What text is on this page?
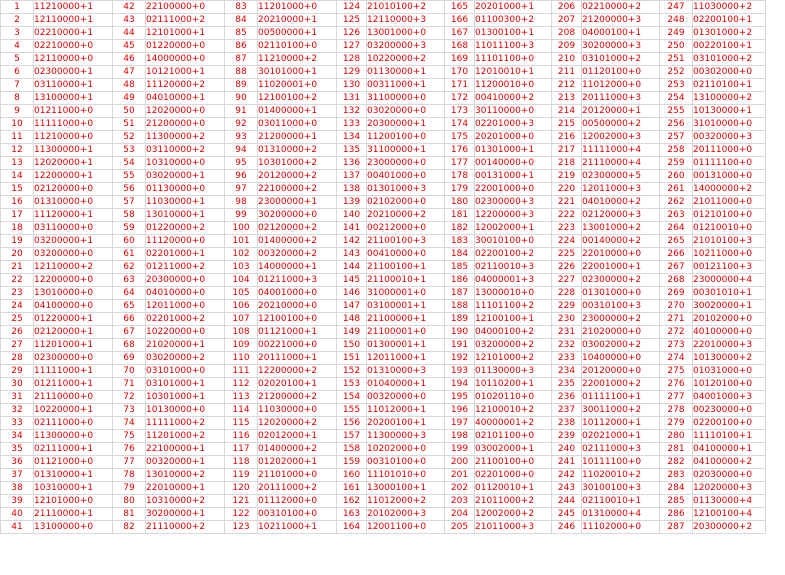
1	11210000+1	42	22100000+0	83	11201000+0	124	21010100+2	165	20201000+1	206	02210000+2	247	11030000+2
2	12110000+1	43	02111000+2	84	20210000+1	125	12110000+3	166	01100300+2	207	21200000+3	248	02200100+1
3	02210000+1	44	12101000+1	85	00500000+1	126	13001000+0	167	01300100+1	208	04000100+1	249	01301000+2
4	02210000+0	45	01220000+0	86	02110100+0	127	03200000+3	168	11011100+3	209	30200000+3	250	00220100+1
5	12110000+0	46	14000000+0	87	11210000+2	128	10220000+2	169	11101100+0	210	03101000+2	251	03101000+2
6	02300000+1	47	10121000+1	88	30101000+1	129	01130000+1	170	12010010+1	211	01120100+0	252	00302000+0
7	03110000+1	48	11120000+2	89	11020001+0	130	00311000+1	171	11200010+0	212	11012000+0	253	02110100+1
8	13100000+1	49	04010000+1	90	12100100+2	131	31100000+0	172	00410000+2	213	20111000+3	254	13100000+2
9	01211000+0	50	12020000+0	91	01400000+1	132	03020000+0	173	30110000+0	214	20120000+1	255	10130000+1
10	11111000+0	51	21200000+0	92	03011000+0	133	20300000+1	174	02201000+3	215	00500000+2	256	31010000+0
11	11210000+0	52	11300000+2	93	21200000+1	134	11200100+0	175	20201000+0	216	12002000+3	257	00320000+3
12	11300000+1	53	03110000+2	94	01310000+2	135	31100000+1	176	01301000+1	217	11111000+4	258	20111000+0
13	12020000+1	54	10310000+0	95	10301000+2	136	23000000+0	177	00140000+0	218	21110000+4	259	01111100+0
14	12200000+1	55	03020000+1	96	20120000+2	137	00401000+0	178	00131000+1	219	02300000+5	260	00131000+0
15	02120000+0	56	01130000+0	97	22100000+2	138	01301000+3	179	22001000+0	220	12011000+3	261	14000000+2
16	01310000+0	57	11030000+1	98	23000000+1	139	02102000+0	180	02300000+3	221	04010000+2	262	21011000+0
17	11120000+1	58	13010000+1	99	30200000+0	140	20210000+2	181	12200000+3	222	02120000+3	263	01210100+0
18	03110000+0	59	01220000+2	100	02120000+2	141	00212000+0	182	12002000+1	223	13001000+2	264	01210010+0
19	03200000+1	60	11120000+0	101	01400000+2	142	21100100+3	183	30010100+0	224	00140000+2	265	21010100+3
20	03200000+0	61	02201000+1	102	00320000+2	143	00410000+0	184	02200100+2	225	22010000+0	266	10211000+0
21	12110000+2	62	01211000+2	103	14000000+1	144	21100100+1	185	02110010+3	226	22001000+1	267	00121100+3
22	12200000+0	63	20300000+0	104	01211000+3	145	21100010+1	186	04000001+3	227	02300000+2	268	23000000+4
23	13010000+0	64	04010000+0	105	04001000+0	146	31000001+0	187	13000010+0	228	01301000+0	269	00301010+1
24	04100000+0	65	12011000+0	106	20210000+0	147	03100001+1	188	11101100+2	229	00310100+3	270	30020000+1
25	01220000+1	66	02201000+2	107	12100100+0	148	21100000+1	189	12100100+1	230	23000000+2	271	20102000+0
26	02120000+1	67	10220000+0	108	01121000+1	149	21100001+0	190	04000100+2	231	21020000+0	272	40100000+0
27	11201000+1	68	21020000+1	109	00221000+0	150	01300001+1	191	03200000+2	232	03002000+2	273	22010000+3
28	02300000+0	69	03020000+2	110	20111000+1	151	12011000+1	192	12101000+2	233	10400000+0	274	10130000+2
29	11111000+1	70	03101000+0	111	12200000+2	152	01310000+3	193	01130000+3	234	20120000+0	275	01031000+0
30	01211000+1	71	03101000+1	112	02020100+1	153	01040000+1	194	10110200+1	235	22001000+2	276	10120100+0
31	21110000+0	72	10301000+1	113	21200000+2	154	00320000+0	195	01020110+0	236	01111100+1	277	04001000+3
32	10220000+1	73	10130000+0	114	11030000+0	155	11012000+1	196	12100010+2	237	30011000+2	278	00230000+0
33	02111000+0	74	11111000+2	115	12020000+2	156	20200100+1	197	40000001+2	238	10112000+1	279	02200100+0
34	11300000+0	75	11201000+2	116	02012000+1	157	11300000+3	198	02101100+0	239	02021000+1	280	11110100+1
35	02111000+1	76	22100000+1	117	01400000+2	158	10202000+0	199	03002000+1	240	02111000+3	281	04100000+1
36	01121000+0	77	00320000+1	118	01202000+1	159	00310100+0	200	21100100+0	241	10111100+0	282	04100000+2
37	01310000+1	78	13010000+2	119	21101000+0	160	11101010+0	201	02201000+0	242	11020010+2	283	02030000+0
38	10310000+1	79	22010000+1	120	20111000+2	161	13000100+1	202	01120010+1	243	30100100+3	284	12020000+3
39	12101000+0	80	10310000+2	121	01112000+0	162	11012000+2	203	21011000+2	244	02110010+1	285	01130000+4
40	21110000+1	81	30200000+1	122	00310100+0	163	20102000+3	204	12002000+2	245	01310000+4	286	12100100+4
41	13100000+0	82	21110000+2	123	10211000+1	164	12001100+0	205	21011000+3	246	11102000+0	287	20300000+2
